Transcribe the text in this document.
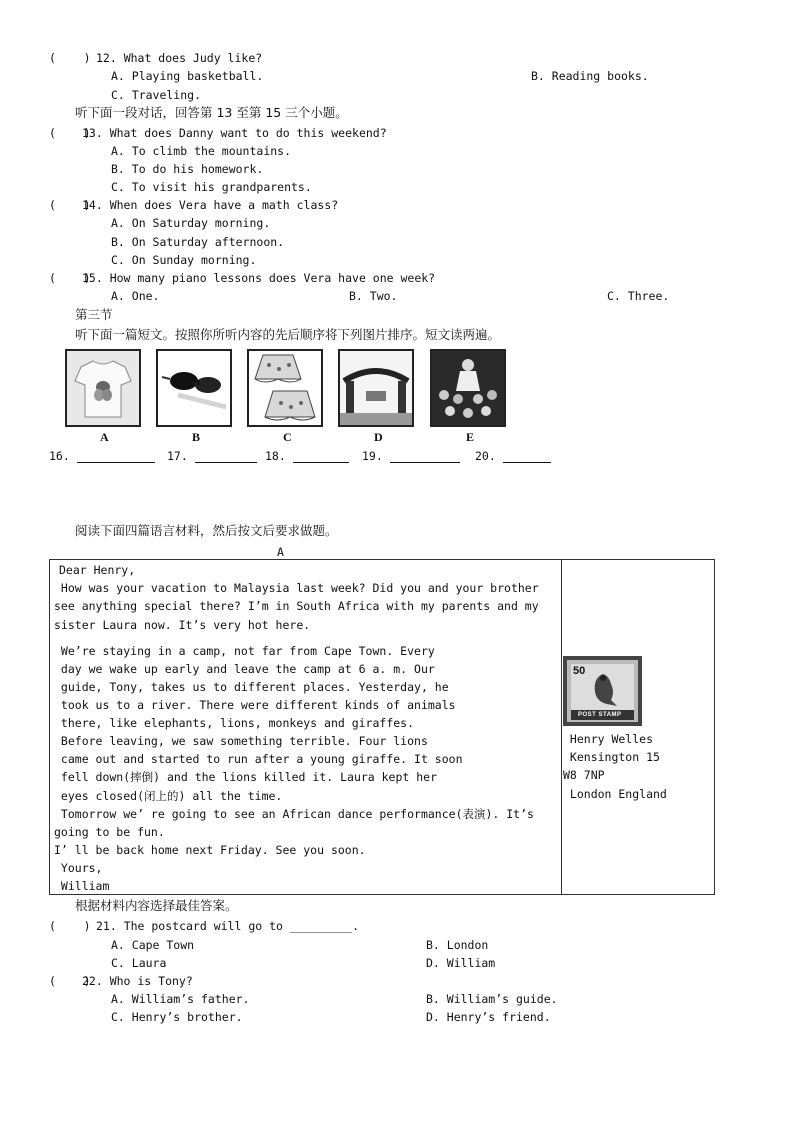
(    ) 12. What does Judy like?
A. Playing basketball.	B. Reading books.
C. Traveling.
听下面一段对话，回答第 13 至第 15 三个小题。
(    )
13. What does Danny want to do this weekend?
A. To climb the mountains.
B. To do his homework.
C. To visit his grandparents.
(    )
14. When does Vera have a math class?
A. On Saturday morning.
B. On Saturday afternoon.
C. On Sunday morning.
(    )
15. How many piano lessons does Vera have one week?
A. One.	B. Two.	C. Three.
第三节
听下面一篇短文。按照你所听内容的先后顺序将下列图片排序。短文读两遍。
A	B	C	D	E
16.	17.	18.	19.	20.
阅读下面四篇语言材料，然后按文后要求做题。
A
Dear Henry,
How was your vacation to Malaysia last week? Did you and your brother
see anything special there? I’m in South Africa with my parents and my
sister Laura now. It’s very hot here.
We’re staying in a camp, not far from Cape Town. Every
day we wake up early and leave the camp at 6 a. m. Our
guide, Tony, takes us to different places. Yesterday, he
took us to a river. There were different kinds of animals
there, like elephants, lions, monkeys and giraffes.
Before leaving, we saw something terrible. Four lions
came out and started to run after a young giraffe. It soon
fell down(摔倒) and the lions killed it. Laura kept her
eyes closed(闭上的) all the time.
Tomorrow we’ re going to see an African dance performance(表演). It’s
going to be fun.
I’ ll be back home next Friday. See you soon.
Yours,
William
50
POST STAMP
Henry Welles
Kensington 15
W8 7NP
London England
根据材料内容选择最佳答案。
(    ) 21. The postcard will go to _________.
A. Cape Town	B. London
C. Laura	D. William
(    )
22. Who is Tony?
A. William’s father.	B. William’s guide.
C. Henry’s brother.	D. Henry’s friend.
